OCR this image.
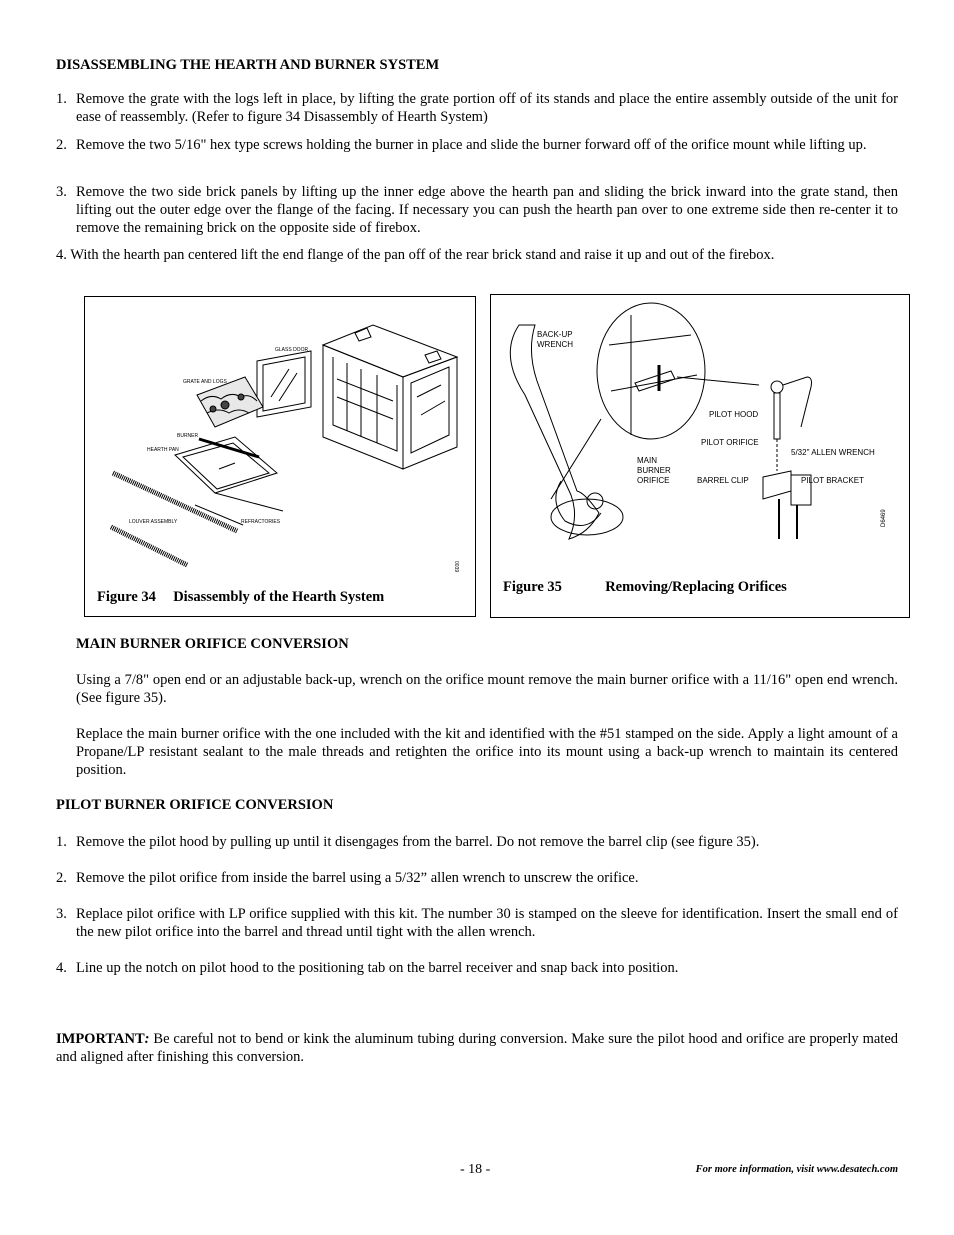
DISASSEMBLING THE HEARTH AND BURNER SYSTEM
1. Remove the grate with the logs left in place, by lifting the grate portion off of its stands and place the entire assembly outside of the unit for ease of reassembly. (Refer to figure 34 Disassembly of Hearth System)
2. Remove the two 5/16" hex type screws holding the burner in place and slide the burner forward off of the orifice mount while lifting up.
3. Remove the two side brick panels by lifting up the inner edge above the hearth pan and sliding the brick inward into the grate stand, then lifting out the outer edge over the flange of the facing. If necessary you can push the hearth pan over to one extreme side then re-center it to remove the remaining brick on the opposite side of firebox.
4. With the hearth pan centered lift the end flange of the pan off of the rear brick stand and raise it up and out of the firebox.
GLASS DOOR
GRATE AND LOGS
BURNER
HEARTH PAN
LOUVER ASSEMBLY	REFRACTORIES
0039
Figure 34 Disassembly of the Hearth System
BACK-UP
WRENCH
PILOT HOOD
PILOT ORIFICE
5/32" ALLEN WRENCH
MAIN
BURNER
ORIFICE	BARREL CLIP	PILOT BRACKET
D6469
Figure 35	Removing/Replacing Orifices
MAIN BURNER ORIFICE CONVERSION
Using a 7/8" open end or an adjustable back-up, wrench on the orifice mount remove the main burner orifice with a 11/16" open end wrench. (See figure 35).
Replace the main burner orifice with the one included with the kit and identified with the #51 stamped on the side. Apply a light amount of a Propane/LP resistant sealant to the male threads and retighten the orifice into its mount using a back-up wrench to maintain its centered position.
PILOT BURNER ORIFICE CONVERSION
1. Remove the pilot hood by pulling up until it disengages from the barrel. Do not remove the barrel clip (see figure 35).
2. Remove the pilot orifice from inside the barrel using a 5/32” allen wrench to unscrew the orifice.
3. Replace pilot orifice with LP orifice supplied with this kit. The number 30 is stamped on the sleeve for identification. Insert the small end of the new pilot orifice into the barrel and thread until tight with the allen wrench.
4. Line up the notch on pilot hood to the positioning tab on the barrel receiver and snap back into position.
IMPORTANT: Be careful not to bend or kink the aluminum tubing during conversion. Make sure the pilot hood and orifice are properly mated and aligned after finishing this conversion.
- 18 -	For more information, visit www.desatech.com
